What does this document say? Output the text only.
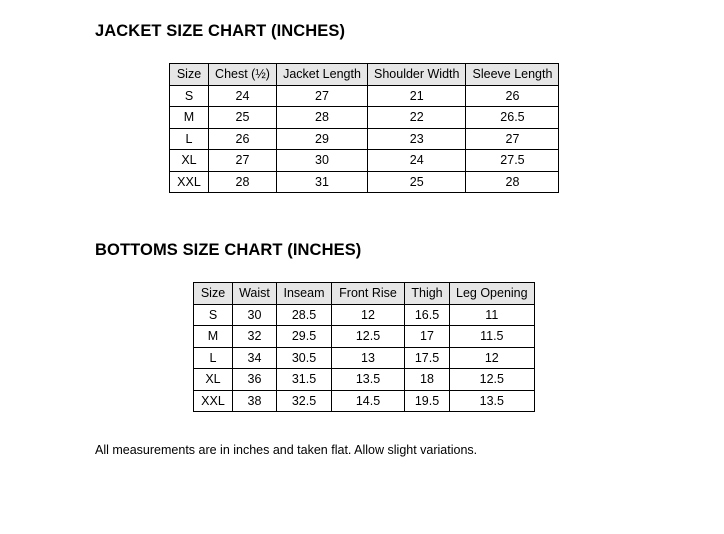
JACKET SIZE CHART (INCHES)
Size	Chest (½)	Jacket Length	Shoulder Width	Sleeve Length
S	24	27	21	26
M	25	28	22	26.5
L	26	29	23	27
XL	27	30	24	27.5
XXL	28	31	25	28
BOTTOMS SIZE CHART (INCHES)
Size	Waist	Inseam	Front Rise	Thigh	Leg Opening
S	30	28.5	12	16.5	11
M	32	29.5	12.5	17	11.5
L	34	30.5	13	17.5	12
XL	36	31.5	13.5	18	12.5
XXL	38	32.5	14.5	19.5	13.5

All measurements are in inches and taken flat. Allow slight variations.
